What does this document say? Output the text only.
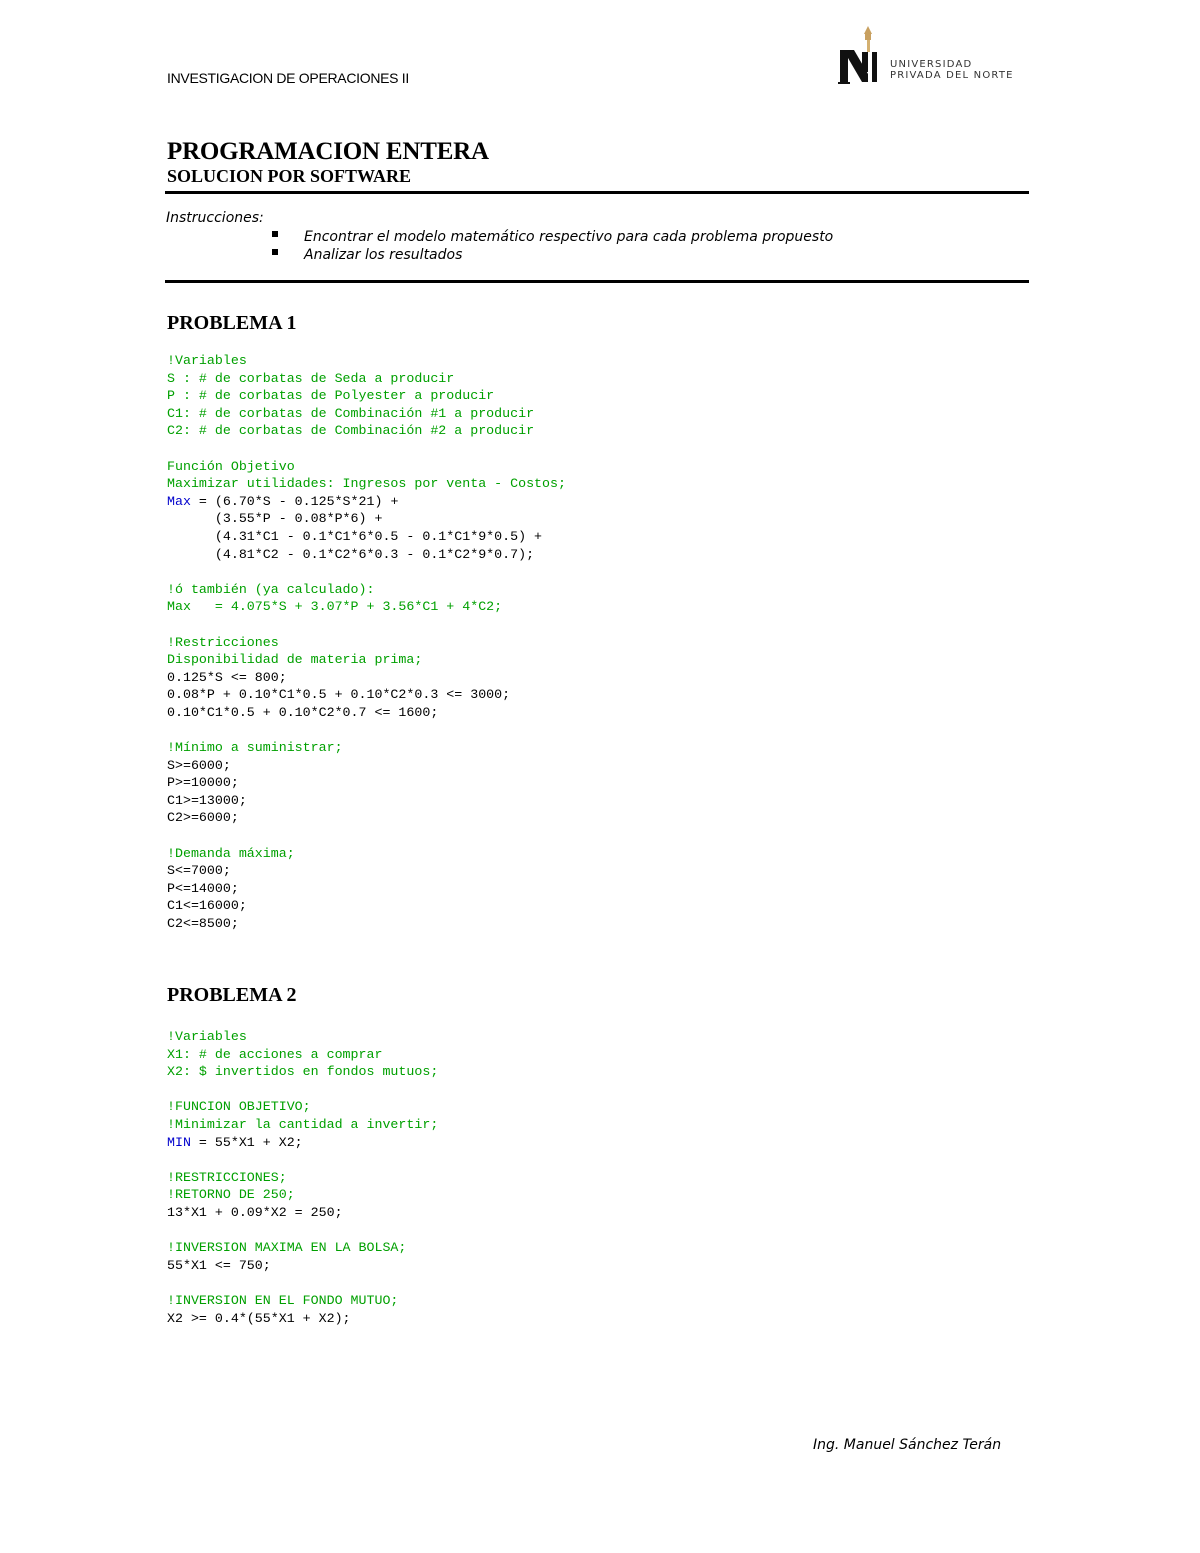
INVESTIGACION DE OPERACIONES II
UNIVERSIDAD
PRIVADA DEL NORTE
PROGRAMACION ENTERA
SOLUCION POR SOFTWARE
Instrucciones:
Encontrar el modelo matemático respectivo para cada problema propuesto
Analizar los resultados
PROBLEMA 1
!Variables
S : # de corbatas de Seda a producir
P : # de corbatas de Polyester a producir
C1: # de corbatas de Combinación #1 a producir
C2: # de corbatas de Combinación #2 a producir

Función Objetivo
Maximizar utilidades: Ingresos por venta - Costos;
Max = (6.70*S - 0.125*S*21) +
(3.55*P - 0.08*P*6) +
(4.31*C1 - 0.1*C1*6*0.5 - 0.1*C1*9*0.5) +
(4.81*C2 - 0.1*C2*6*0.3 - 0.1*C2*9*0.7);

!ó también (ya calculado):
Max   = 4.075*S + 3.07*P + 3.56*C1 + 4*C2;

!Restricciones
Disponibilidad de materia prima;
0.125*S <= 800;
0.08*P + 0.10*C1*0.5 + 0.10*C2*0.3 <= 3000;
0.10*C1*0.5 + 0.10*C2*0.7 <= 1600;

!Mínimo a suministrar;
S>=6000;
P>=10000;
C1>=13000;
C2>=6000;

!Demanda máxima;
S<=7000;
P<=14000;
C1<=16000;
C2<=8500;
PROBLEMA 2
!Variables
X1: # de acciones a comprar
X2: $ invertidos en fondos mutuos;

!FUNCION OBJETIVO;
!Minimizar la cantidad a invertir;
MIN = 55*X1 + X2;

!RESTRICCIONES;
!RETORNO DE 250;
13*X1 + 0.09*X2 = 250;

!INVERSION MAXIMA EN LA BOLSA;
55*X1 <= 750;

!INVERSION EN EL FONDO MUTUO;
X2 >= 0.4*(55*X1 + X2);
Ing. Manuel Sánchez Terán
